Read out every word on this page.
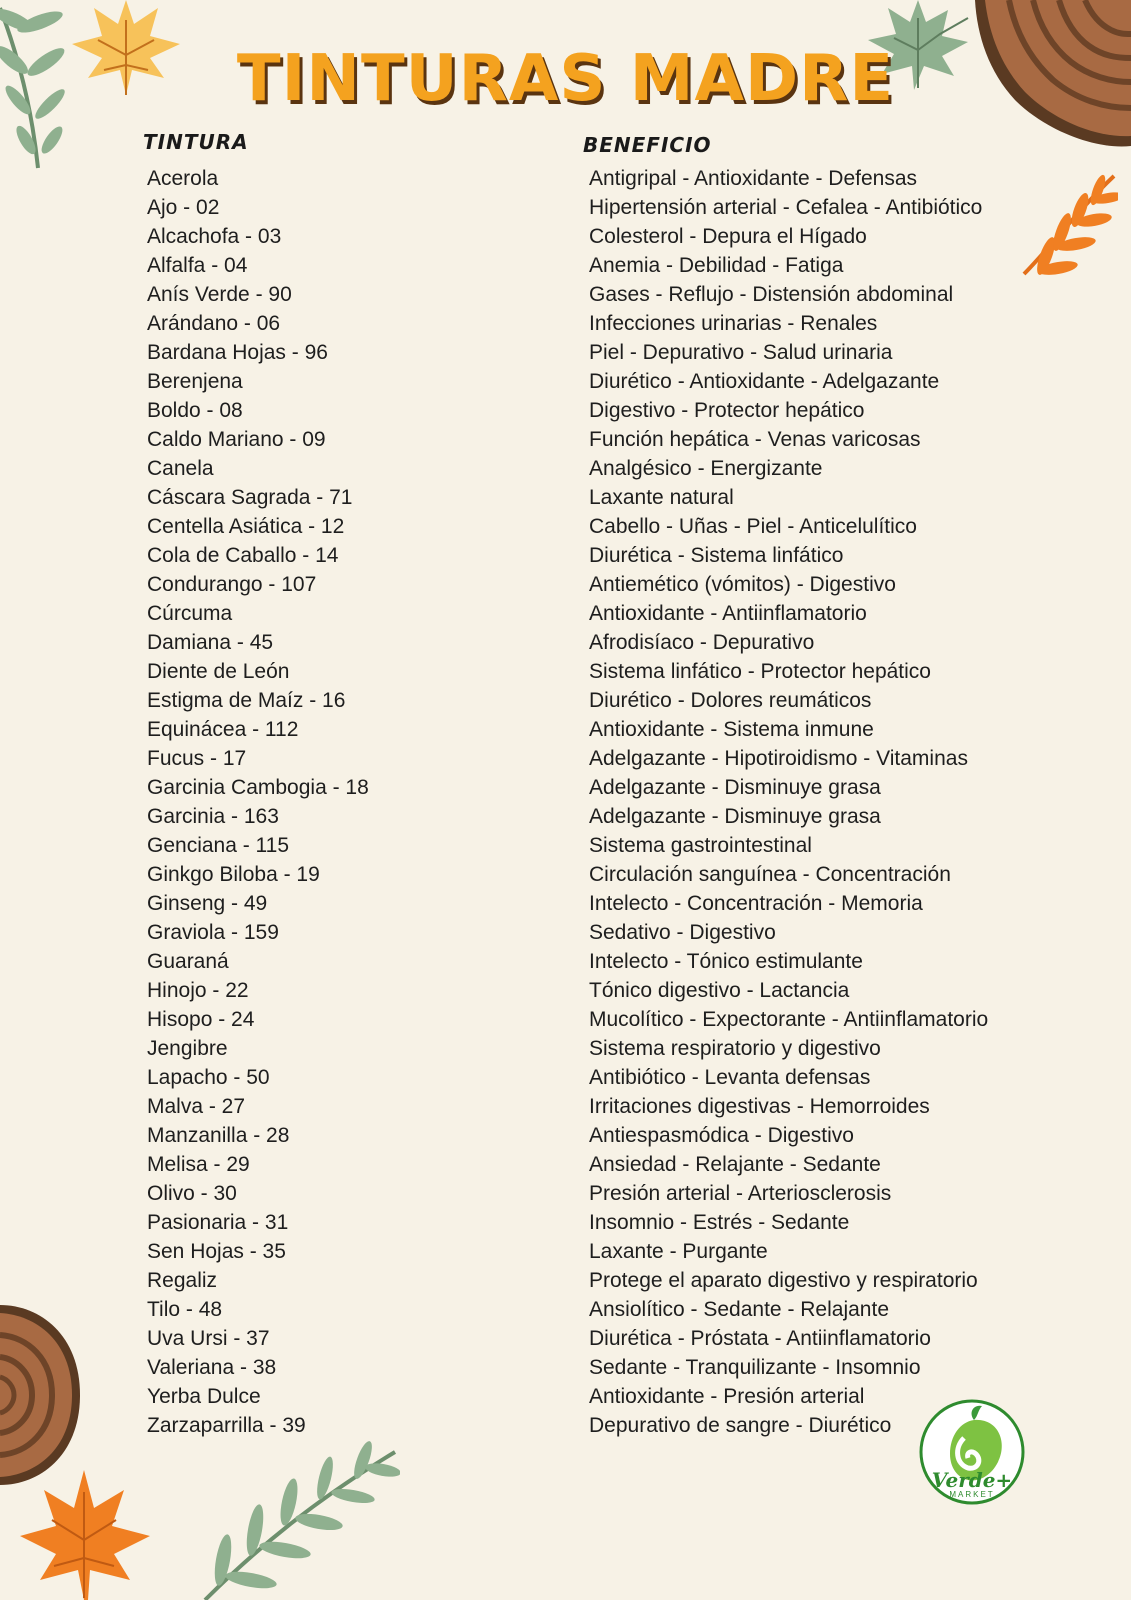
TINTURAS MADRE
TINTURA	BENEFICIO
Acerola
Ajo - 02
Alcachofa - 03
Alfalfa - 04
Anís Verde - 90
Arándano - 06
Bardana Hojas - 96
Berenjena
Boldo - 08
Caldo Mariano - 09
Canela
Cáscara Sagrada - 71
Centella Asiática - 12
Cola de Caballo - 14
Condurango - 107
Cúrcuma
Damiana - 45
Diente de León
Estigma de Maíz - 16
Equinácea - 112
Fucus - 17
Garcinia Cambogia - 18
Garcinia - 163
Genciana - 115
Ginkgo Biloba - 19
Ginseng - 49
Graviola - 159
Guaraná
Hinojo - 22
Hisopo - 24
Jengibre
Lapacho - 50
Malva - 27
Manzanilla - 28
Melisa - 29
Olivo - 30
Pasionaria - 31
Sen Hojas - 35
Regaliz
Tilo - 48
Uva Ursi - 37
Valeriana - 38
Yerba Dulce
Zarzaparrilla - 39
Antigripal - Antioxidante - Defensas
Hipertensión arterial - Cefalea - Antibiótico
Colesterol - Depura el Hígado
Anemia - Debilidad - Fatiga
Gases - Reflujo - Distensión abdominal
Infecciones urinarias - Renales
Piel - Depurativo - Salud urinaria
Diurético - Antioxidante - Adelgazante
Digestivo - Protector hepático
Función hepática - Venas varicosas
Analgésico - Energizante
Laxante natural
Cabello - Uñas - Piel - Anticelulítico
Diurética - Sistema linfático
Antiemético (vómitos) - Digestivo
Antioxidante - Antiinflamatorio
Afrodisíaco - Depurativo
Sistema linfático - Protector hepático
Diurético - Dolores reumáticos
Antioxidante - Sistema inmune
Adelgazante - Hipotiroidismo - Vitaminas
Adelgazante - Disminuye grasa
Adelgazante - Disminuye grasa
Sistema gastrointestinal
Circulación sanguínea - Concentración
Intelecto - Concentración - Memoria
Sedativo - Digestivo
Intelecto - Tónico estimulante
Tónico digestivo - Lactancia
Mucolítico - Expectorante - Antiinflamatorio
Sistema respiratorio y digestivo
Antibiótico - Levanta defensas
Irritaciones digestivas - Hemorroides
Antiespasmódica - Digestivo
Ansiedad - Relajante - Sedante
Presión arterial - Arteriosclerosis
Insomnio - Estrés - Sedante
Laxante - Purgante
Protege el aparato digestivo y respiratorio
Ansiolítico - Sedante - Relajante
Diurética - Próstata - Antiinflamatorio
Sedante - Tranquilizante - Insomnio
Antioxidante - Presión arterial
Depurativo de sangre - Diurético
Verde+
MARKET
